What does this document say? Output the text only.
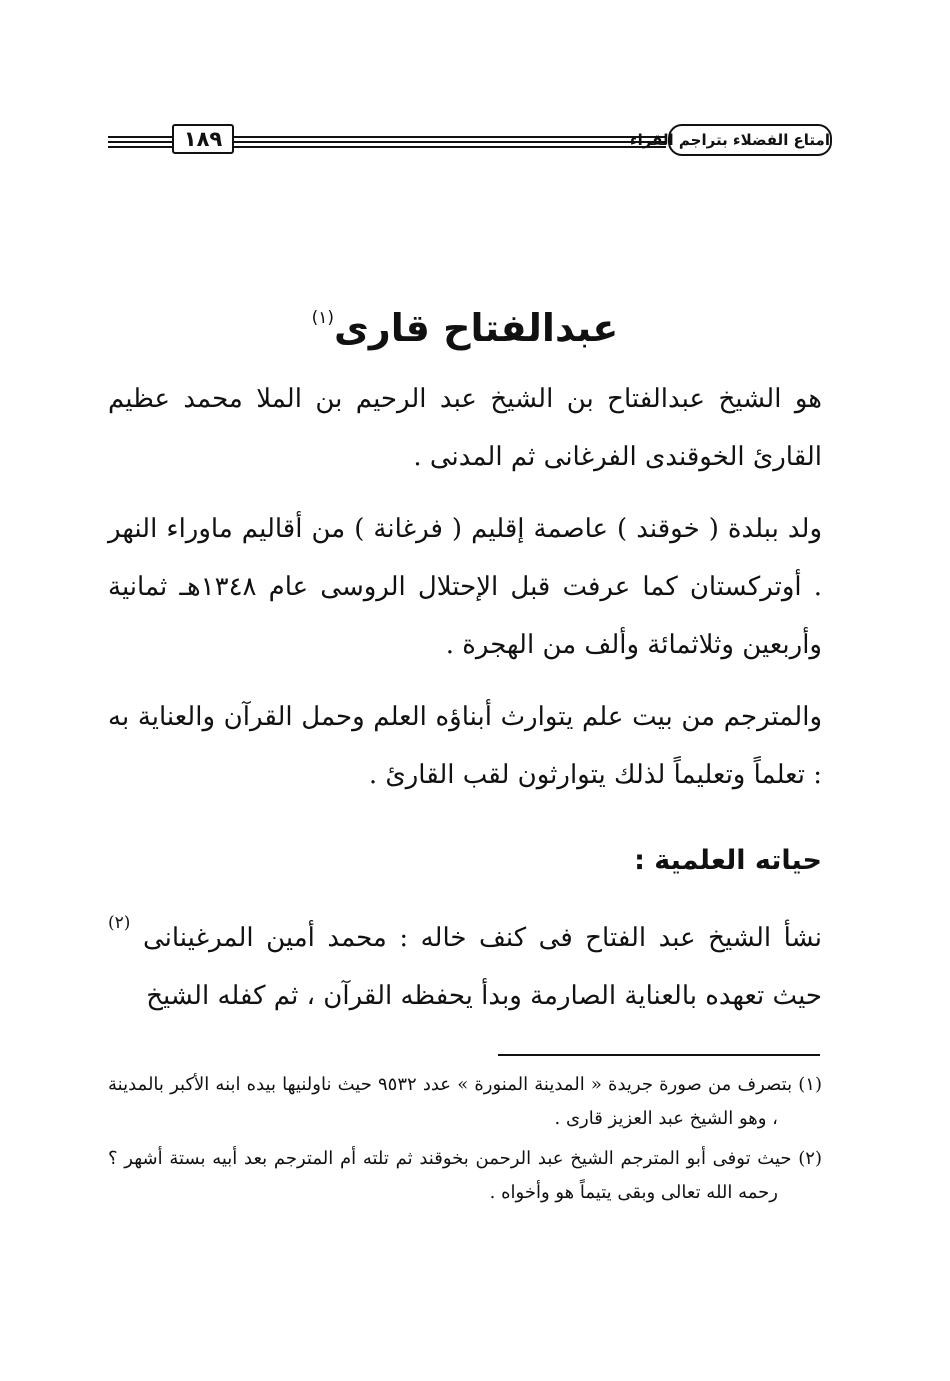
١٨٩	امتاع الفضلاء بتراجم القراء
عبدالفتاح قارى$^{(١)}$

هو الشيخ عبدالفتاح بن الشيخ عبد الرحيم بن الملا محمد عظيم القارئ الخوقندى الفرغانى ثم المدنى .

ولد ببلدة ( خوقند ) عاصمة إقليم ( فرغانة ) من أقاليم ماوراء النهر . أوتركستان كما عرفت قبل الإحتلال الروسى عام ١٣٤٨هـ ثمانية وأربعين وثلاثمائة وألف من الهجرة .

والمترجم من بيت علم يتوارث أبناؤه العلم وحمل القرآن والعناية به : تعلماً وتعليماً لذلك يتوارثون لقب القارئ .

حياته العلمية :

نشأ الشيخ عبد الفتاح فى كنف خاله : محمد أمين المرغينانى $^{(٢)}$ حيث تعهده بالعناية الصارمة وبدأ يحفظه القرآن ، ثم كفله الشيخ

(١) بتصرف من صورة جريدة « المدينة المنورة » عدد ٩٥٣٢ حيث ناولنيها بيده ابنه الأكبر بالمدينة ، وهو الشيخ عبد العزيز قارى .

(٢) حيث توفى أبو المترجم الشيخ عبد الرحمن بخوقند ثم تلته أم المترجم بعد أبيه بستة أشهر ؟ رحمه الله تعالى وبقى يتيماً هو وأخواه .
